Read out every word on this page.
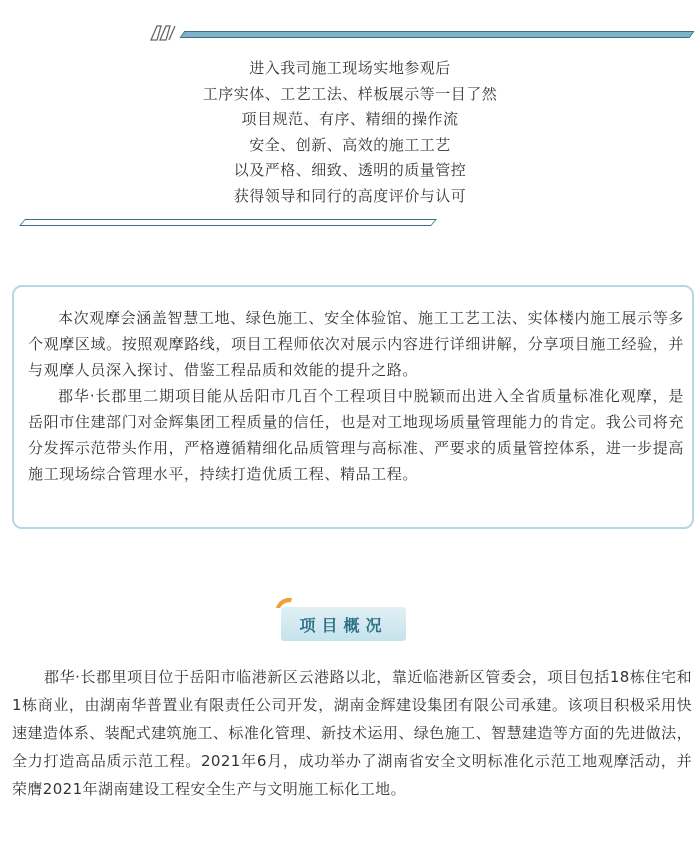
进入我司施工现场实地参观后

工序实体、工艺工法、样板展示等一目了然

项目规范、有序、精细的操作流

安全、创新、高效的施工工艺

以及严格、细致、透明的质量管控

获得领导和同行的高度评价与认可

本次观摩会涵盖智慧工地、绿色施工、安全体验馆、施工工艺工法、实体楼内施工展示等多个观摩区域。按照观摩路线，项目工程师依次对展示内容进行详细讲解，分享项目施工经验，并与观摩人员深入探讨、借鉴工程品质和效能的提升之路。

郡华·长郡里二期项目能从岳阳市几百个工程项目中脱颖而出进入全省质量标准化观摩，是岳阳市住建部门对金辉集团工程质量的信任，也是对工地现场质量管理能力的肯定。我公司将充分发挥示范带头作用，严格遵循精细化品质管理与高标准、严要求的质量管控体系，进一步提高施工现场综合管理水平，持续打造优质工程、精品工程。

项目概况

郡华·长郡里项目位于岳阳市临港新区云港路以北，靠近临港新区管委会，项目包括18栋住宅和1栋商业，由湖南华普置业有限责任公司开发，湖南金辉建设集团有限公司承建。该项目积极采用快速建造体系、装配式建筑施工、标准化管理、新技术运用、绿色施工、智慧建造等方面的先进做法，全力打造高品质示范工程。2021年6月，成功举办了湖南省安全文明标准化示范工地观摩活动，并荣膺2021年湖南建设工程安全生产与文明施工标化工地。
